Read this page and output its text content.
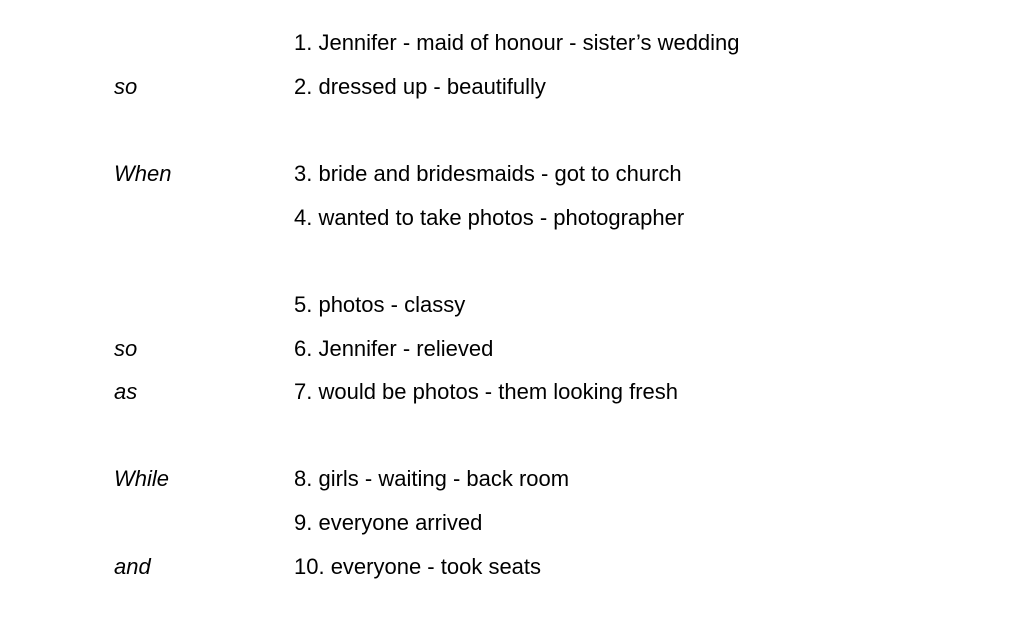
1. Jennifer - maid of honour - sister’s wedding
so	2. dressed up - beautifully
When	3. bride and bridesmaids - got to church
4. wanted to take photos - photographer
5. photos - classy
so	6. Jennifer - relieved
as	7. would be photos - them looking fresh
While	8. girls - waiting - back room
9. everyone arrived
and	10. everyone - took seats
